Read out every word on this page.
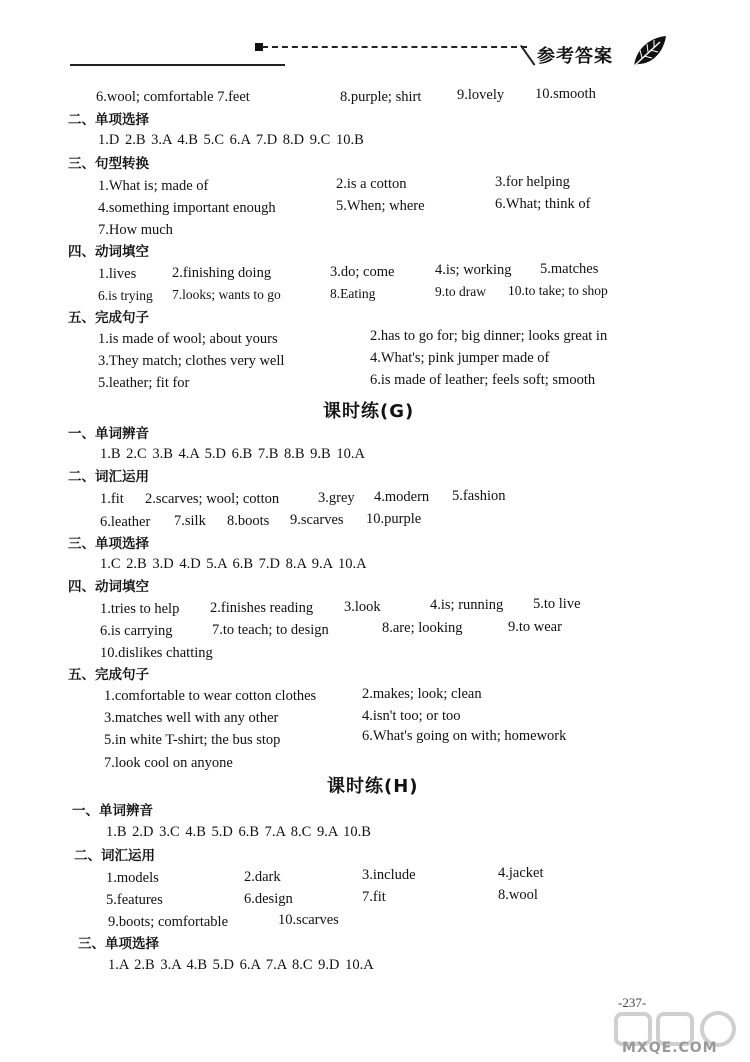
参考答案
6.wool; comfortable 7.feet	8.purple; shirt 9.lovely 10.smooth
二、单项选择
1.D 2.B 3.A 4.B 5.C 6.A 7.D 8.D 9.C 10.B
三、句型转换
1.What is; made of	2.is a cotton	3.for helping
4.something important enough	5.When; where	6.What; think of
7.How much
四、动词填空
1.lives 2.finishing doing	3.do; come	4.is; working 5.matches
6.is trying 7.looks; wants to go	8.Eating	9.to draw 10.to take; to shop
五、完成句子
1.is made of wool; about yours	2.has to go for; big dinner; looks great in
3.They match; clothes very well	4.What's; pink jumper made of
5.leather; fit for	6.is made of leather; feels soft; smooth
课时练(G)
一、单词辨音
1.B 2.C 3.B 4.A 5.D 6.B 7.B 8.B 9.B 10.A
二、词汇运用
1.fit 2.scarves; wool; cotton	3.grey 4.modern 5.fashion
6.leather 7.silk 8.boots 9.scarves 10.purple
三、单项选择
1.C 2.B 3.D 4.D 5.A 6.B 7.D 8.A 9.A 10.A
四、动词填空
1.tries to help 2.finishes reading 3.look	4.is; running 5.to live
6.is carrying	7.to teach; to design	8.are; looking	9.to wear
10.dislikes chatting
五、完成句子
1.comfortable to wear cotton clothes	2.makes; look; clean
3.matches well with any other	4.isn't too; or too
5.in white T-shirt; the bus stop	6.What's going on with; homework
7.look cool on anyone
课时练(H)
一、单词辨音
1.B 2.D 3.C 4.B 5.D 6.B 7.A 8.C 9.A 10.B
二、词汇运用
1.models	2.dark	3.include	4.jacket
5.features	6.design	7.fit	8.wool
9.boots; comfortable	10.scarves
三、单项选择
1.A 2.B 3.A 4.B 5.D 6.A 7.A 8.C 9.D 10.A
-237-
MXQE.COM
